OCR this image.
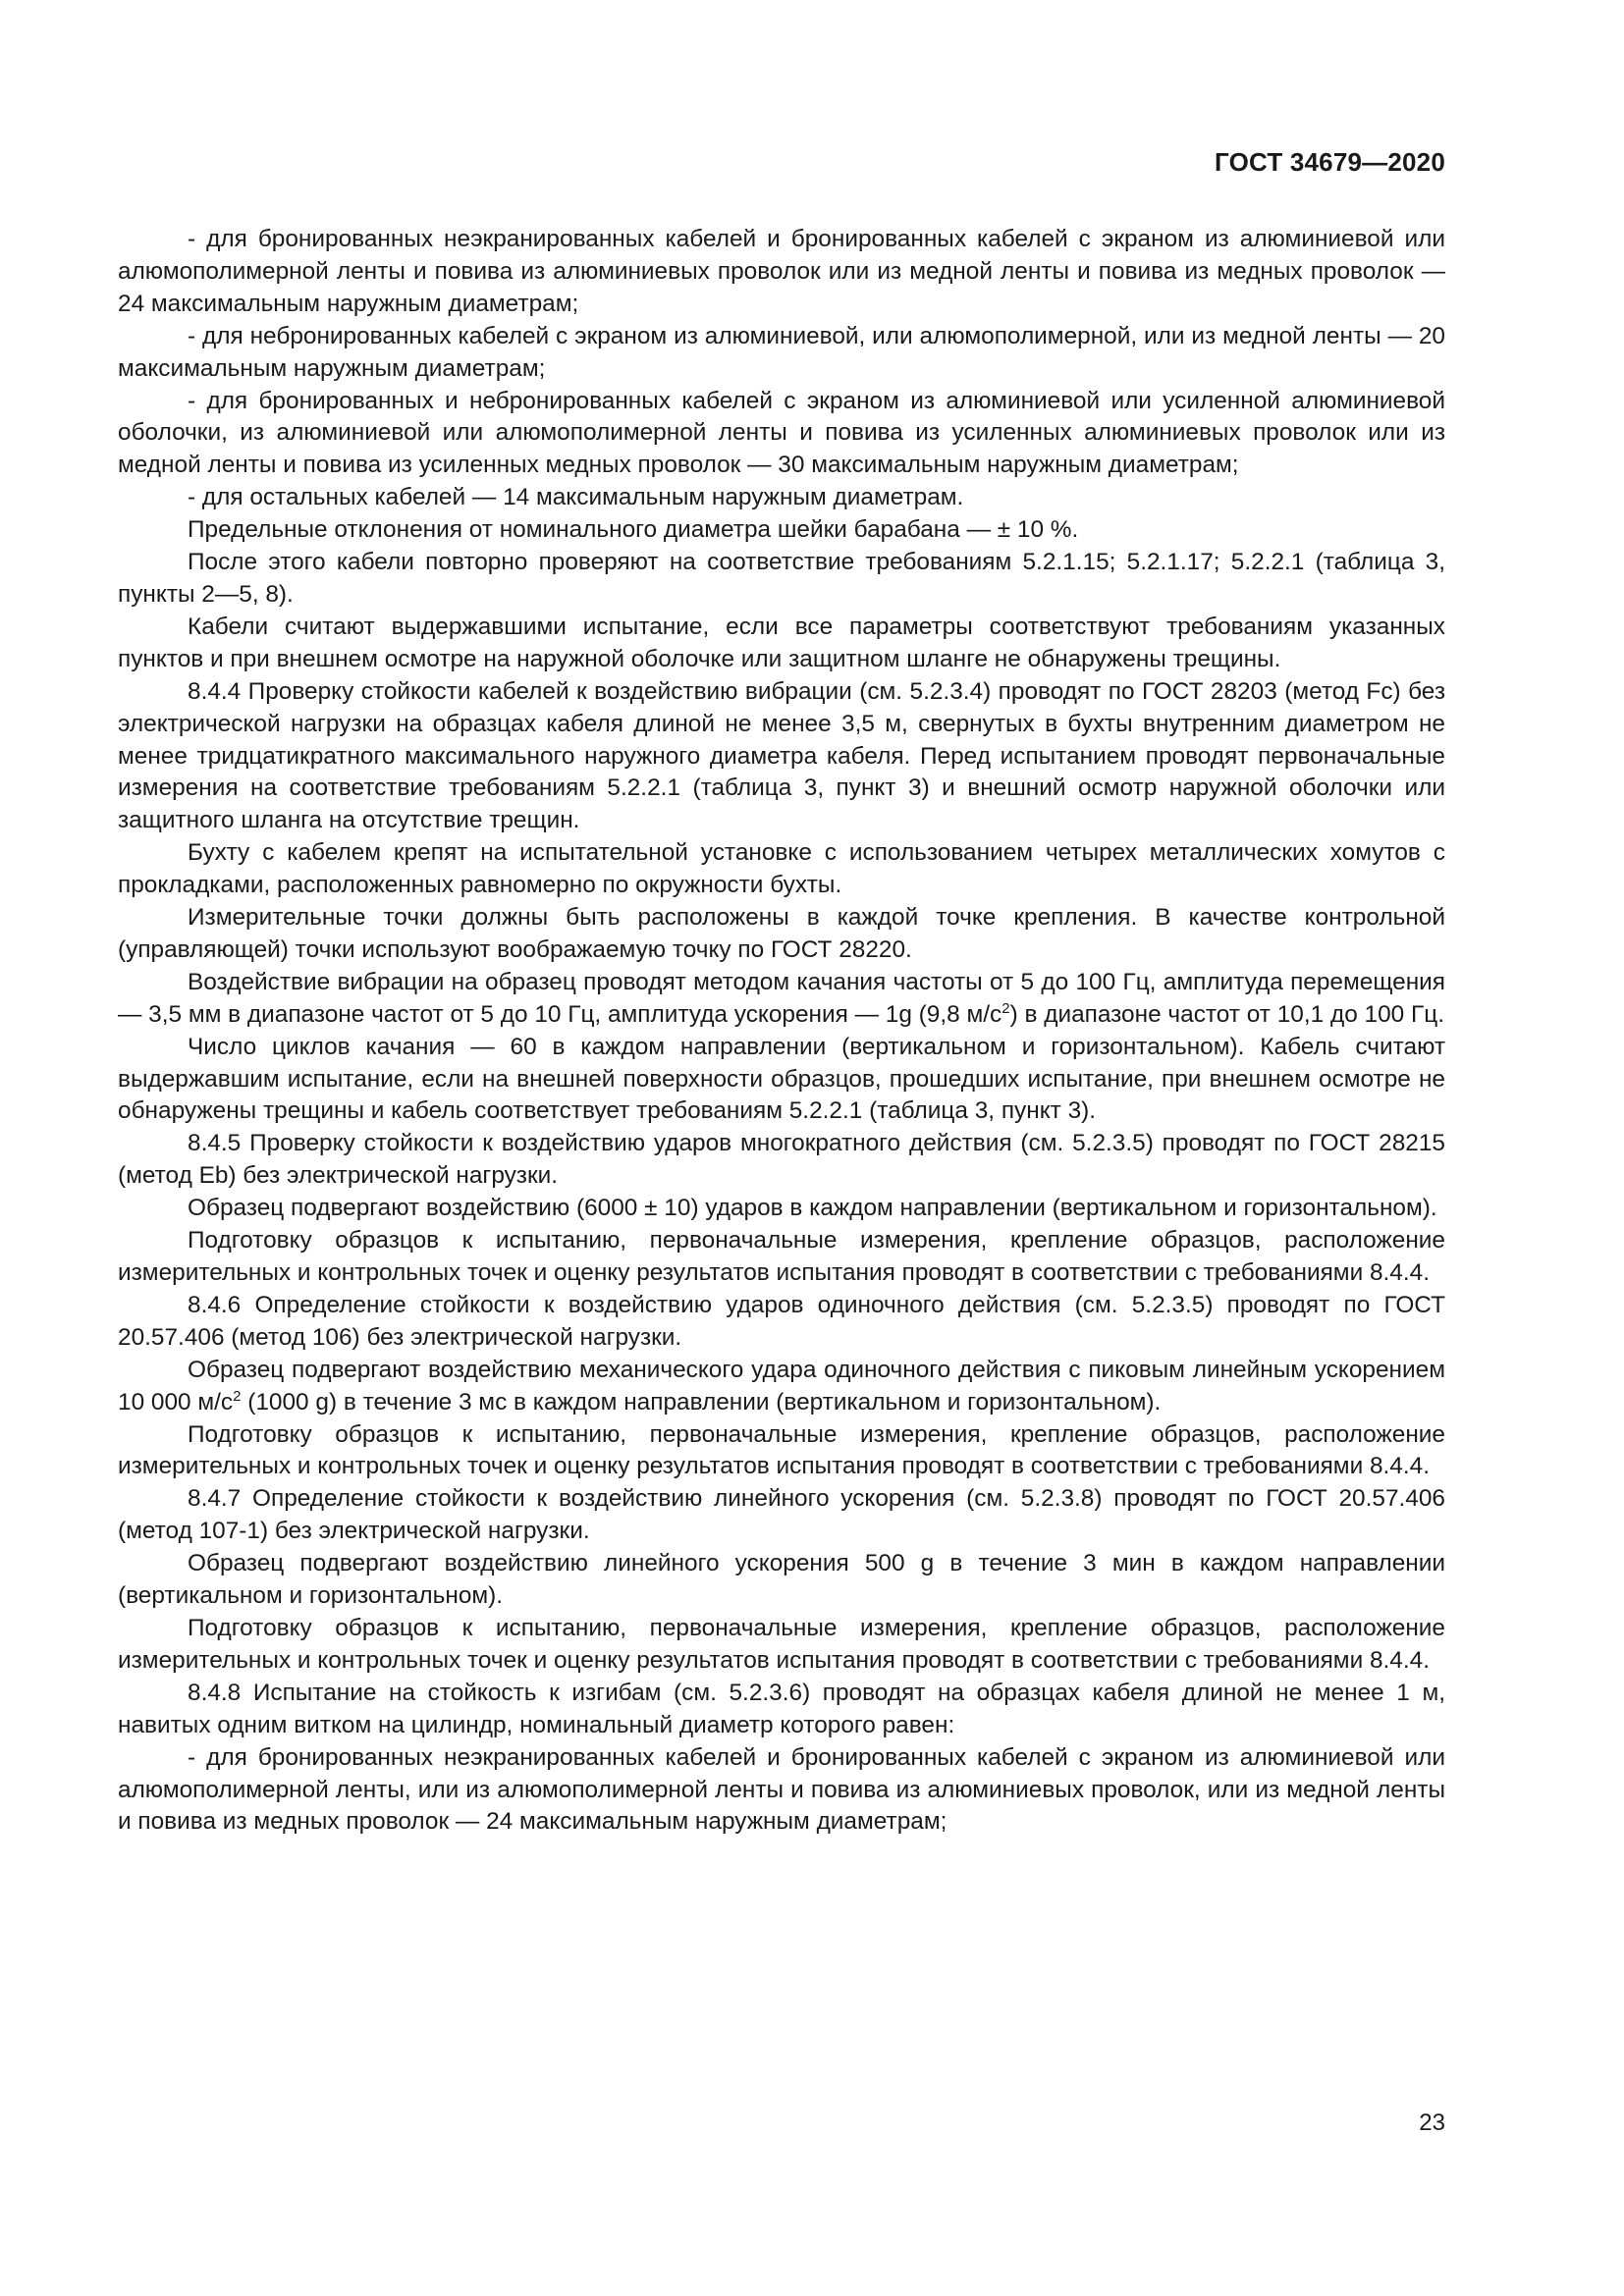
ГОСТ 34679—2020

- для бронированных неэкранированных кабелей и бронированных кабелей с экраном из алюминиевой или алюмополимерной ленты и повива из алюминиевых проволок или из медной ленты и повива из медных проволок — 24 максимальным наружным диаметрам;

- для небронированных кабелей с экраном из алюминиевой, или алюмополимерной, или из медной ленты — 20 максимальным наружным диаметрам;

- для бронированных и небронированных кабелей с экраном из алюминиевой или усиленной алюминиевой оболочки, из алюминиевой или алюмополимерной ленты и повива из усиленных алюминиевых проволок или из медной ленты и повива из усиленных медных проволок — 30 максимальным наружным диаметрам;

- для остальных кабелей — 14 максимальным наружным диаметрам.

Предельные отклонения от номинального диаметра шейки барабана — ± 10 %.

После этого кабели повторно проверяют на соответствие требованиям 5.2.1.15; 5.2.1.17; 5.2.2.1 (таблица 3, пункты 2—5, 8).

Кабели считают выдержавшими испытание, если все параметры соответствуют требованиям указанных пунктов и при внешнем осмотре на наружной оболочке или защитном шланге не обнаружены трещины.

8.4.4 Проверку стойкости кабелей к воздействию вибрации (см. 5.2.3.4) проводят по ГОСТ 28203 (метод Fc) без электрической нагрузки на образцах кабеля длиной не менее 3,5 м, свернутых в бухты внутренним диаметром не менее тридцатикратного максимального наружного диаметра кабеля. Перед испытанием проводят первоначальные измерения на соответствие требованиям 5.2.2.1 (таблица 3, пункт 3) и внешний осмотр наружной оболочки или защитного шланга на отсутствие трещин.

Бухту с кабелем крепят на испытательной установке с использованием четырех металлических хомутов с прокладками, расположенных равномерно по окружности бухты.

Измерительные точки должны быть расположены в каждой точке крепления. В качестве контрольной (управляющей) точки используют воображаемую точку по ГОСТ 28220.

Воздействие вибрации на образец проводят методом качания частоты от 5 до 100 Гц, амплитуда перемещения — 3,5 мм в диапазоне частот от 5 до 10 Гц, амплитуда ускорения — 1g (9,8 $м/с^2$) в диапазоне частот от 10,1 до 100 Гц.

Число циклов качания — 60 в каждом направлении (вертикальном и горизонтальном). Кабель считают выдержавшим испытание, если на внешней поверхности образцов, прошедших испытание, при внешнем осмотре не обнаружены трещины и кабель соответствует требованиям 5.2.2.1 (таблица 3, пункт 3).

8.4.5 Проверку стойкости к воздействию ударов многократного действия (см. 5.2.3.5) проводят по ГОСТ 28215 (метод Eb) без электрической нагрузки.

Образец подвергают воздействию (6000 ± 10) ударов в каждом направлении (вертикальном и горизонтальном).

Подготовку образцов к испытанию, первоначальные измерения, крепление образцов, расположение измерительных и контрольных точек и оценку результатов испытания проводят в соответствии с требованиями 8.4.4.

8.4.6 Определение стойкости к воздействию ударов одиночного действия (см. 5.2.3.5) проводят по ГОСТ 20.57.406 (метод 106) без электрической нагрузки.

Образец подвергают воздействию механического удара одиночного действия с пиковым линейным ускорением 10 000 $м/с^2$ (1000 g) в течение 3 мс в каждом направлении (вертикальном и горизонтальном).

Подготовку образцов к испытанию, первоначальные измерения, крепление образцов, расположение измерительных и контрольных точек и оценку результатов испытания проводят в соответствии с требованиями 8.4.4.

8.4.7 Определение стойкости к воздействию линейного ускорения (см. 5.2.3.8) проводят по ГОСТ 20.57.406 (метод 107-1) без электрической нагрузки.

Образец подвергают воздействию линейного ускорения 500 g в течение 3 мин в каждом направлении (вертикальном и горизонтальном).

Подготовку образцов к испытанию, первоначальные измерения, крепление образцов, расположение измерительных и контрольных точек и оценку результатов испытания проводят в соответствии с требованиями 8.4.4.

8.4.8 Испытание на стойкость к изгибам (см. 5.2.3.6) проводят на образцах кабеля длиной не менее 1 м, навитых одним витком на цилиндр, номинальный диаметр которого равен:

- для бронированных неэкранированных кабелей и бронированных кабелей с экраном из алюминиевой или алюмополимерной ленты, или из алюмополимерной ленты и повива из алюминиевых проволок, или из медной ленты и повива из медных проволок — 24 максимальным наружным диаметрам;

23
